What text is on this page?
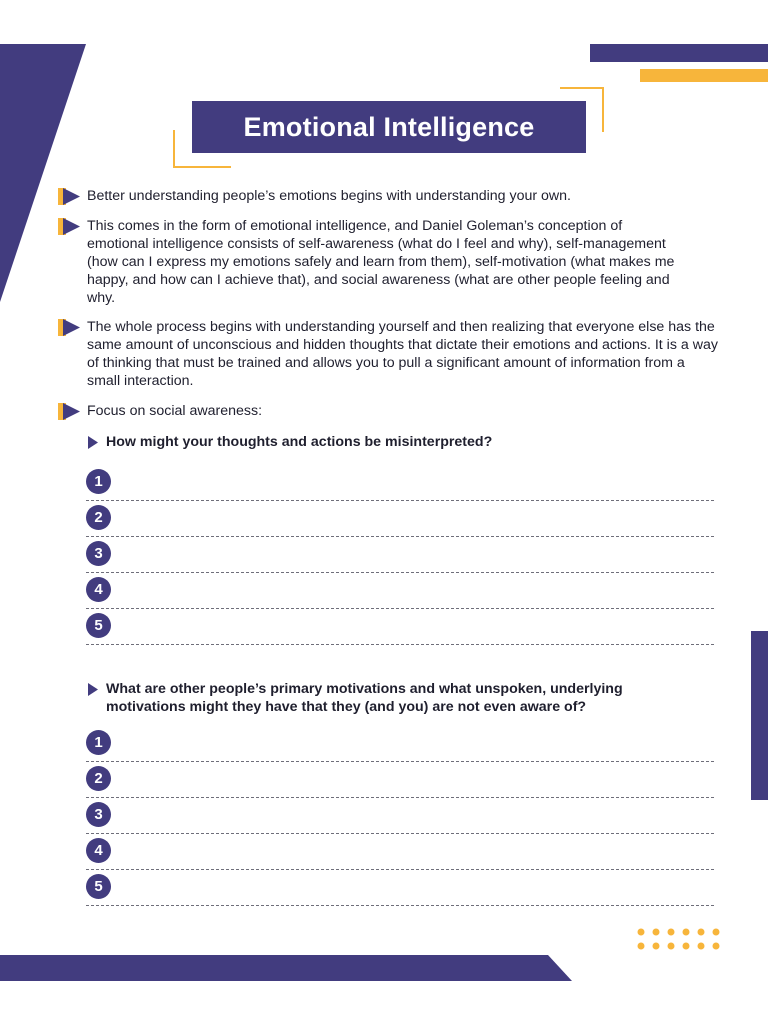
Emotional Intelligence
Better understanding people’s emotions begins with understanding your own.
This comes in the form of emotional intelligence, and Daniel Goleman’s conception of emotional intelligence consists of self-awareness (what do I feel and why), self-management (how can I express my emotions safely and learn from them), self-motivation (what makes me happy, and how can I achieve that), and social awareness (what are other people feeling and why.
The whole process begins with understanding yourself and then realizing that everyone else has the same amount of unconscious and hidden thoughts that dictate their emotions and actions. It is a way of thinking that must be trained and allows you to pull a significant amount of information from a small interaction.
Focus on social awareness:
How might your thoughts and actions be misinterpreted?
1
2
3
4
5
What are other people’s primary motivations and what unspoken, underlying motivations might they have that they (and you) are not even aware of?
1
2
3
4
5
